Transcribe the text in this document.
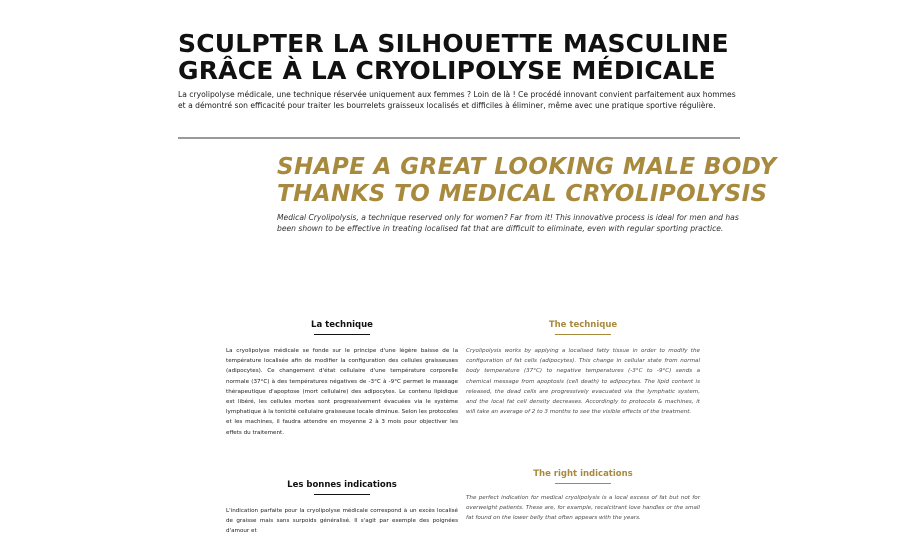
SCULPTER LA SILHOUETTE MASCULINE
GRÂCE À LA CRYOLIPOLYSE MÉDICALE
La cryolipolyse médicale, une technique réservée uniquement aux femmes ? Loin de là ! Ce procédé innovant convient parfaitement aux hommes et a démontré son efficacité pour traiter les bourrelets graisseux localisés et difficiles à éliminer, même avec une pratique sportive régulière.
SHAPE A GREAT LOOKING MALE BODY
THANKS TO MEDICAL CRYOLIPOLYSIS
Medical Cryolipolysis, a technique reserved only for women? Far from it! This innovative process is ideal for men and has been shown to be effective in treating localised fat that are difficult to eliminate, even with regular sporting practice.
La technique
La cryolipolyse médicale se fonde sur le principe d'une légère baisse de la température localisée afin de modifier la configuration des cellules graisseuses (adipocytes). Ce changement d'état cellulaire d'une température corporelle normale (37°C) à des températures négatives de -3°C à -9°C permet le massage thérapeutique d'apoptose (mort cellulaire) des adipocytes. Le contenu lipidique est libéré, les cellules mortes sont progressivement évacuées via le système lymphatique à la tonicité cellulaire graisseuse locale diminue. Selon les protocoles et les machines, il faudra attendre en moyenne 2 à 3 mois pour objectiver les effets du traitement.
Les bonnes indications
L'indication parfaite pour la cryolipolyse médicale correspond à un excès localisé de graisse mais sans surpoids généralisé. Il s'agit par exemple des poignées d'amour et
The technique
Cryolipolysis works by applying a localised fatty tissue in order to modify the configuration of fat cells (adipocytes). This change in cellular state from normal body temperature (37°C) to negative temperatures (-3°C to -9°C) sends a chemical message from apoptosis (cell death) to adipocytes. The lipid content is released, the dead cells are progressively evacuated via the lymphatic system, and the local fat cell density decreases. Accordingly to protocols & machines, it will take an average of 2 to 3 months to see the visible effects of the treatment.
The right indications
The perfect indication for medical cryolipolysis is a local excess of fat but not for overweight patients. These are, for example, recalcitrant love handles or the small fat found on the lower belly that often appears with the years.
